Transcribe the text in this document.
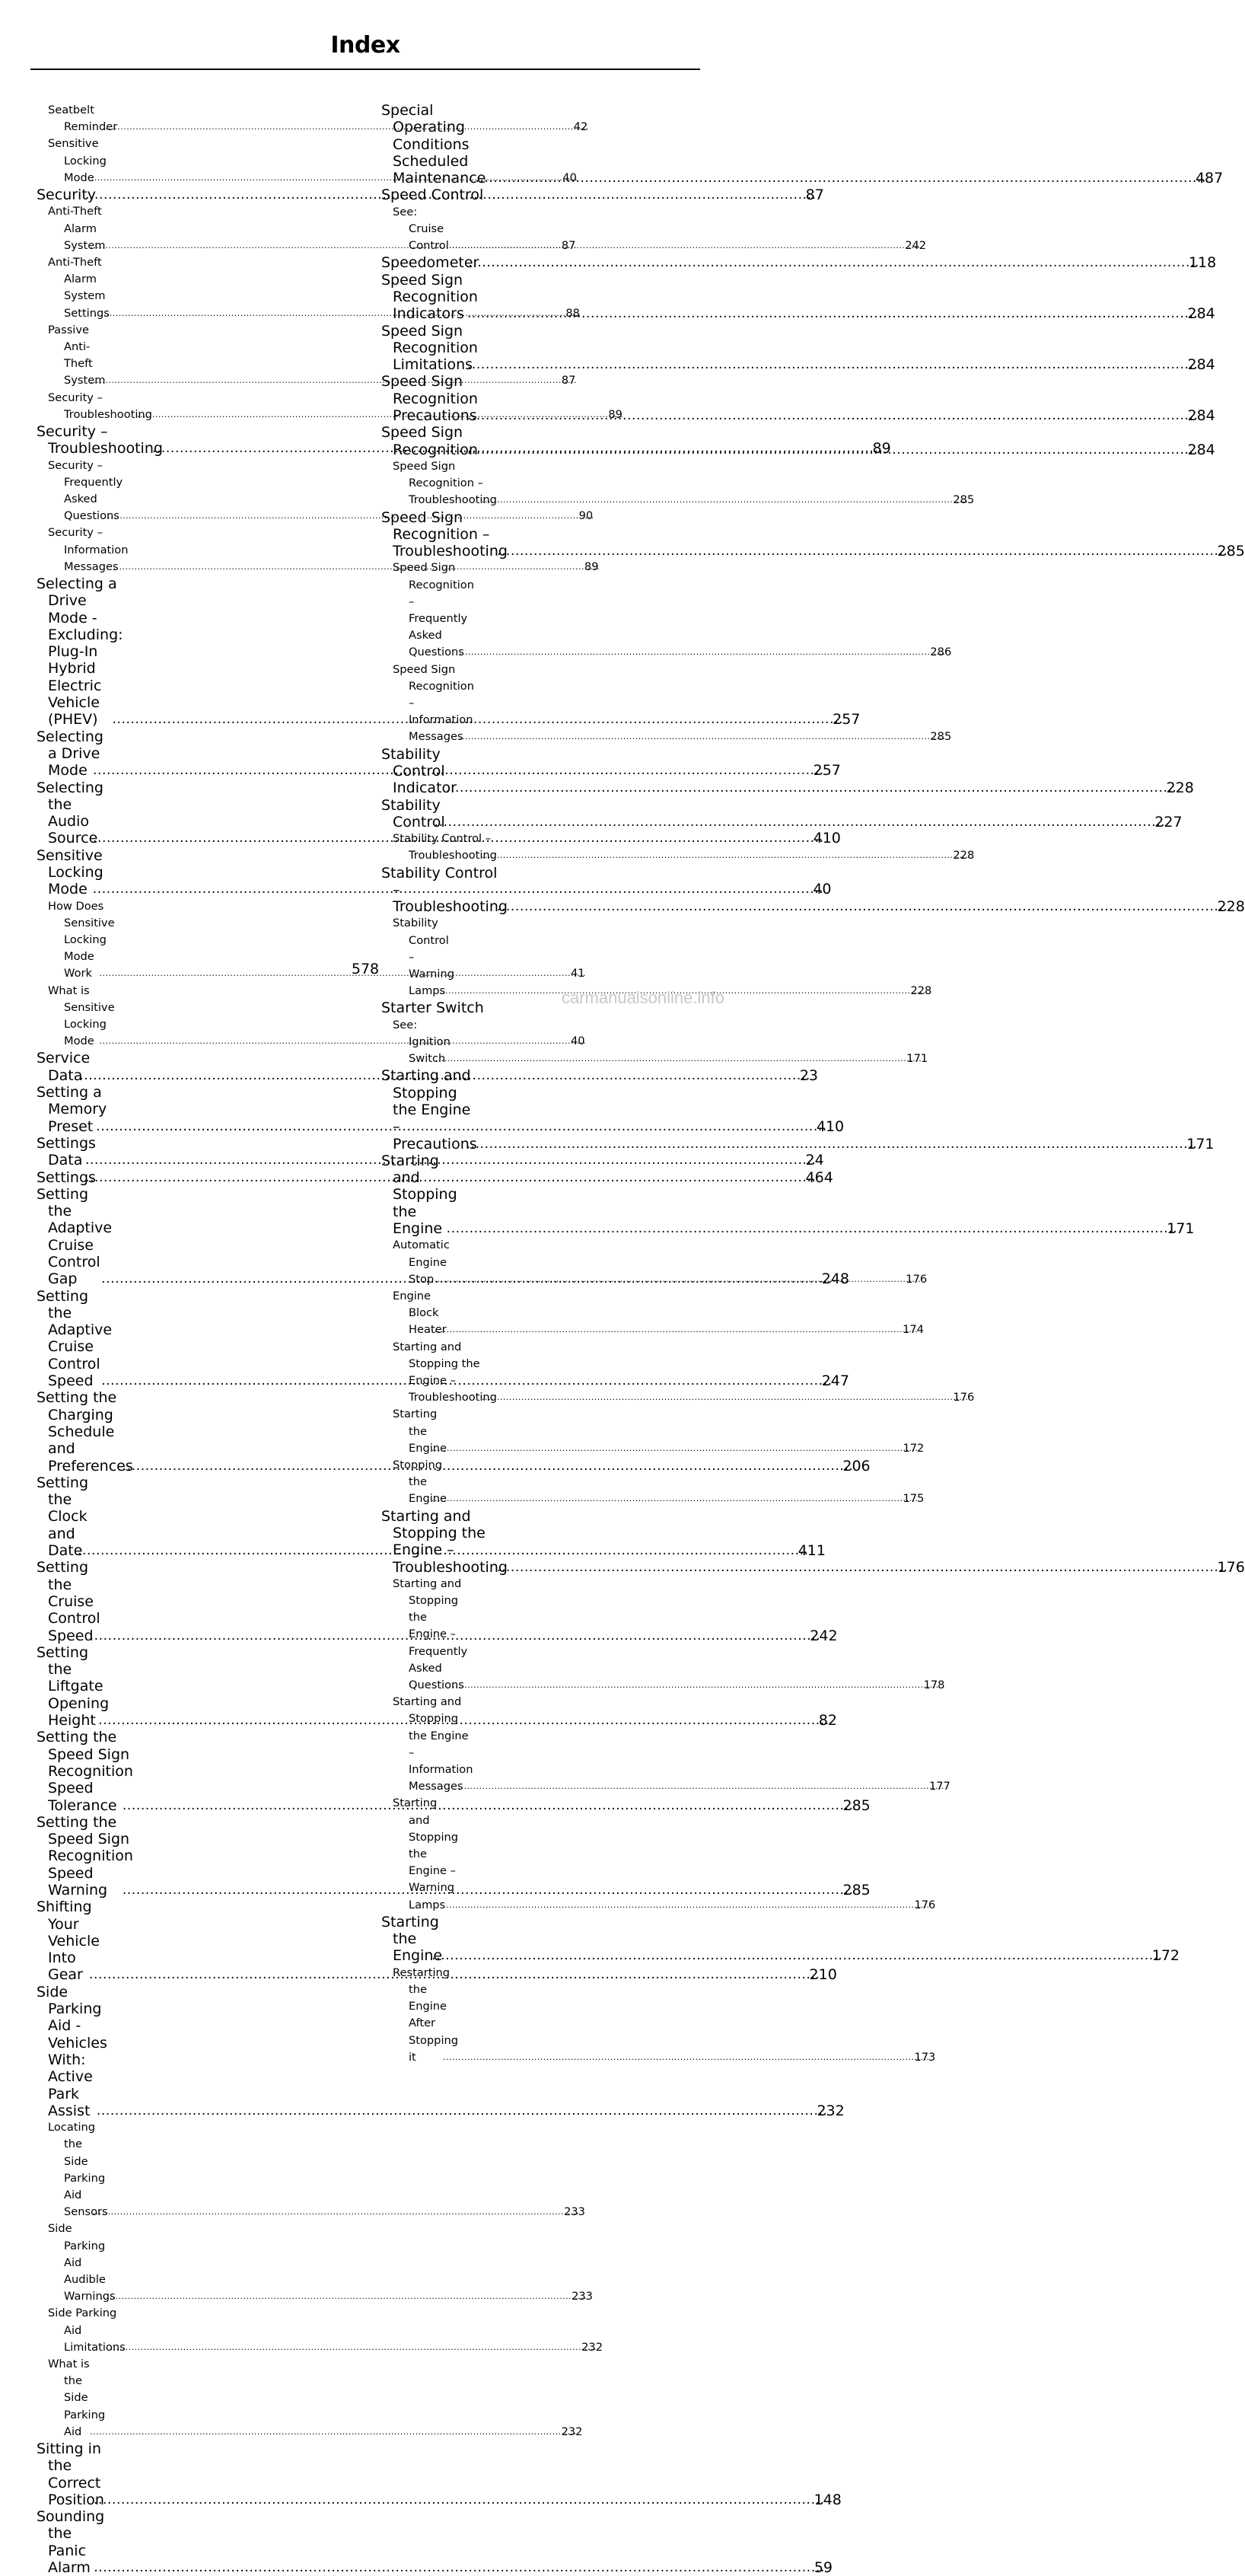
Index
Seatbelt Reminder .....	42
Sensitive Locking Mode .....	40
Security .....	87
Anti-Theft Alarm System .....	87
Anti-Theft Alarm System Settings .....	88
Passive Anti-Theft System .....	87
Security – Troubleshooting .....	89
Security – Troubleshooting .....	89
Security – Frequently Asked Questions .....	90
Security – Information Messages .....	89
Selecting a Drive Mode - Excluding: Plug-In Hybrid Electric Vehicle (PHEV) .....	257
Selecting a Drive Mode .....	257
Selecting the Audio Source .....	410
Sensitive Locking Mode .....	40
How Does Sensitive Locking Mode Work .....	41
What is Sensitive Locking Mode .....	40
Service Data .....	23
Setting a Memory Preset .....	410
Settings Data .....	24
Settings .....	464
Setting the Adaptive Cruise Control Gap .....	248
Setting the Adaptive Cruise Control Speed .....	247
Setting the Charging Schedule and Preferences .....	206
Setting the Clock and Date .....	411
Setting the Cruise Control Speed .....	242
Setting the Liftgate Opening Height .....	82
Setting the Speed Sign Recognition Speed Tolerance .....	285
Setting the Speed Sign Recognition Speed Warning .....	285
Shifting Your Vehicle Into Gear .....	210
Side Parking Aid - Vehicles With: Active Park Assist .....	232
Locating the Side Parking Aid Sensors .....	233
Side Parking Aid Audible Warnings .....	233
Side Parking Aid Limitations .....	232
What is the Side Parking Aid .....	232
Sitting in the Correct Position .....	148
Sounding the Panic Alarm .....	59
Special Operating Conditions Scheduled Maintenance .....	487
Speed Control
See: Cruise Control .....	242
Speedometer .....	118
Speed Sign Recognition Indicators .....	284
Speed Sign Recognition Limitations .....	284
Speed Sign Recognition Precautions .....	284
Speed Sign Recognition .....	284
Speed Sign Recognition – Troubleshooting .....	285
Speed Sign Recognition – Troubleshooting .....	285
Speed Sign Recognition – Frequently Asked Questions .....	286
Speed Sign Recognition – Information Messages .....	285
Stability Control Indicator .....	228
Stability Control .....	227
Stability Control – Troubleshooting .....	228
Stability Control – Troubleshooting .....	228
Stability Control – Warning Lamps .....	228
Starter Switch
See: Ignition Switch .....	171
Starting and Stopping the Engine – Precautions .....	171
Starting and Stopping the Engine .....	171
Automatic Engine Stop .....	176
Engine Block Heater .....	174
Starting and Stopping the Engine – Troubleshooting .....	176
Starting the Engine .....	172
Stopping the Engine .....	175
Starting and Stopping the Engine – Troubleshooting .....	176
Starting and Stopping the Engine – Frequently Asked Questions .....	178
Starting and Stopping the Engine – Information Messages .....	177
Starting and Stopping the Engine – Warning Lamps .....	176
Starting the Engine .....	172
Restarting the Engine After Stopping it .....	173
578
carmanualsonline.info
